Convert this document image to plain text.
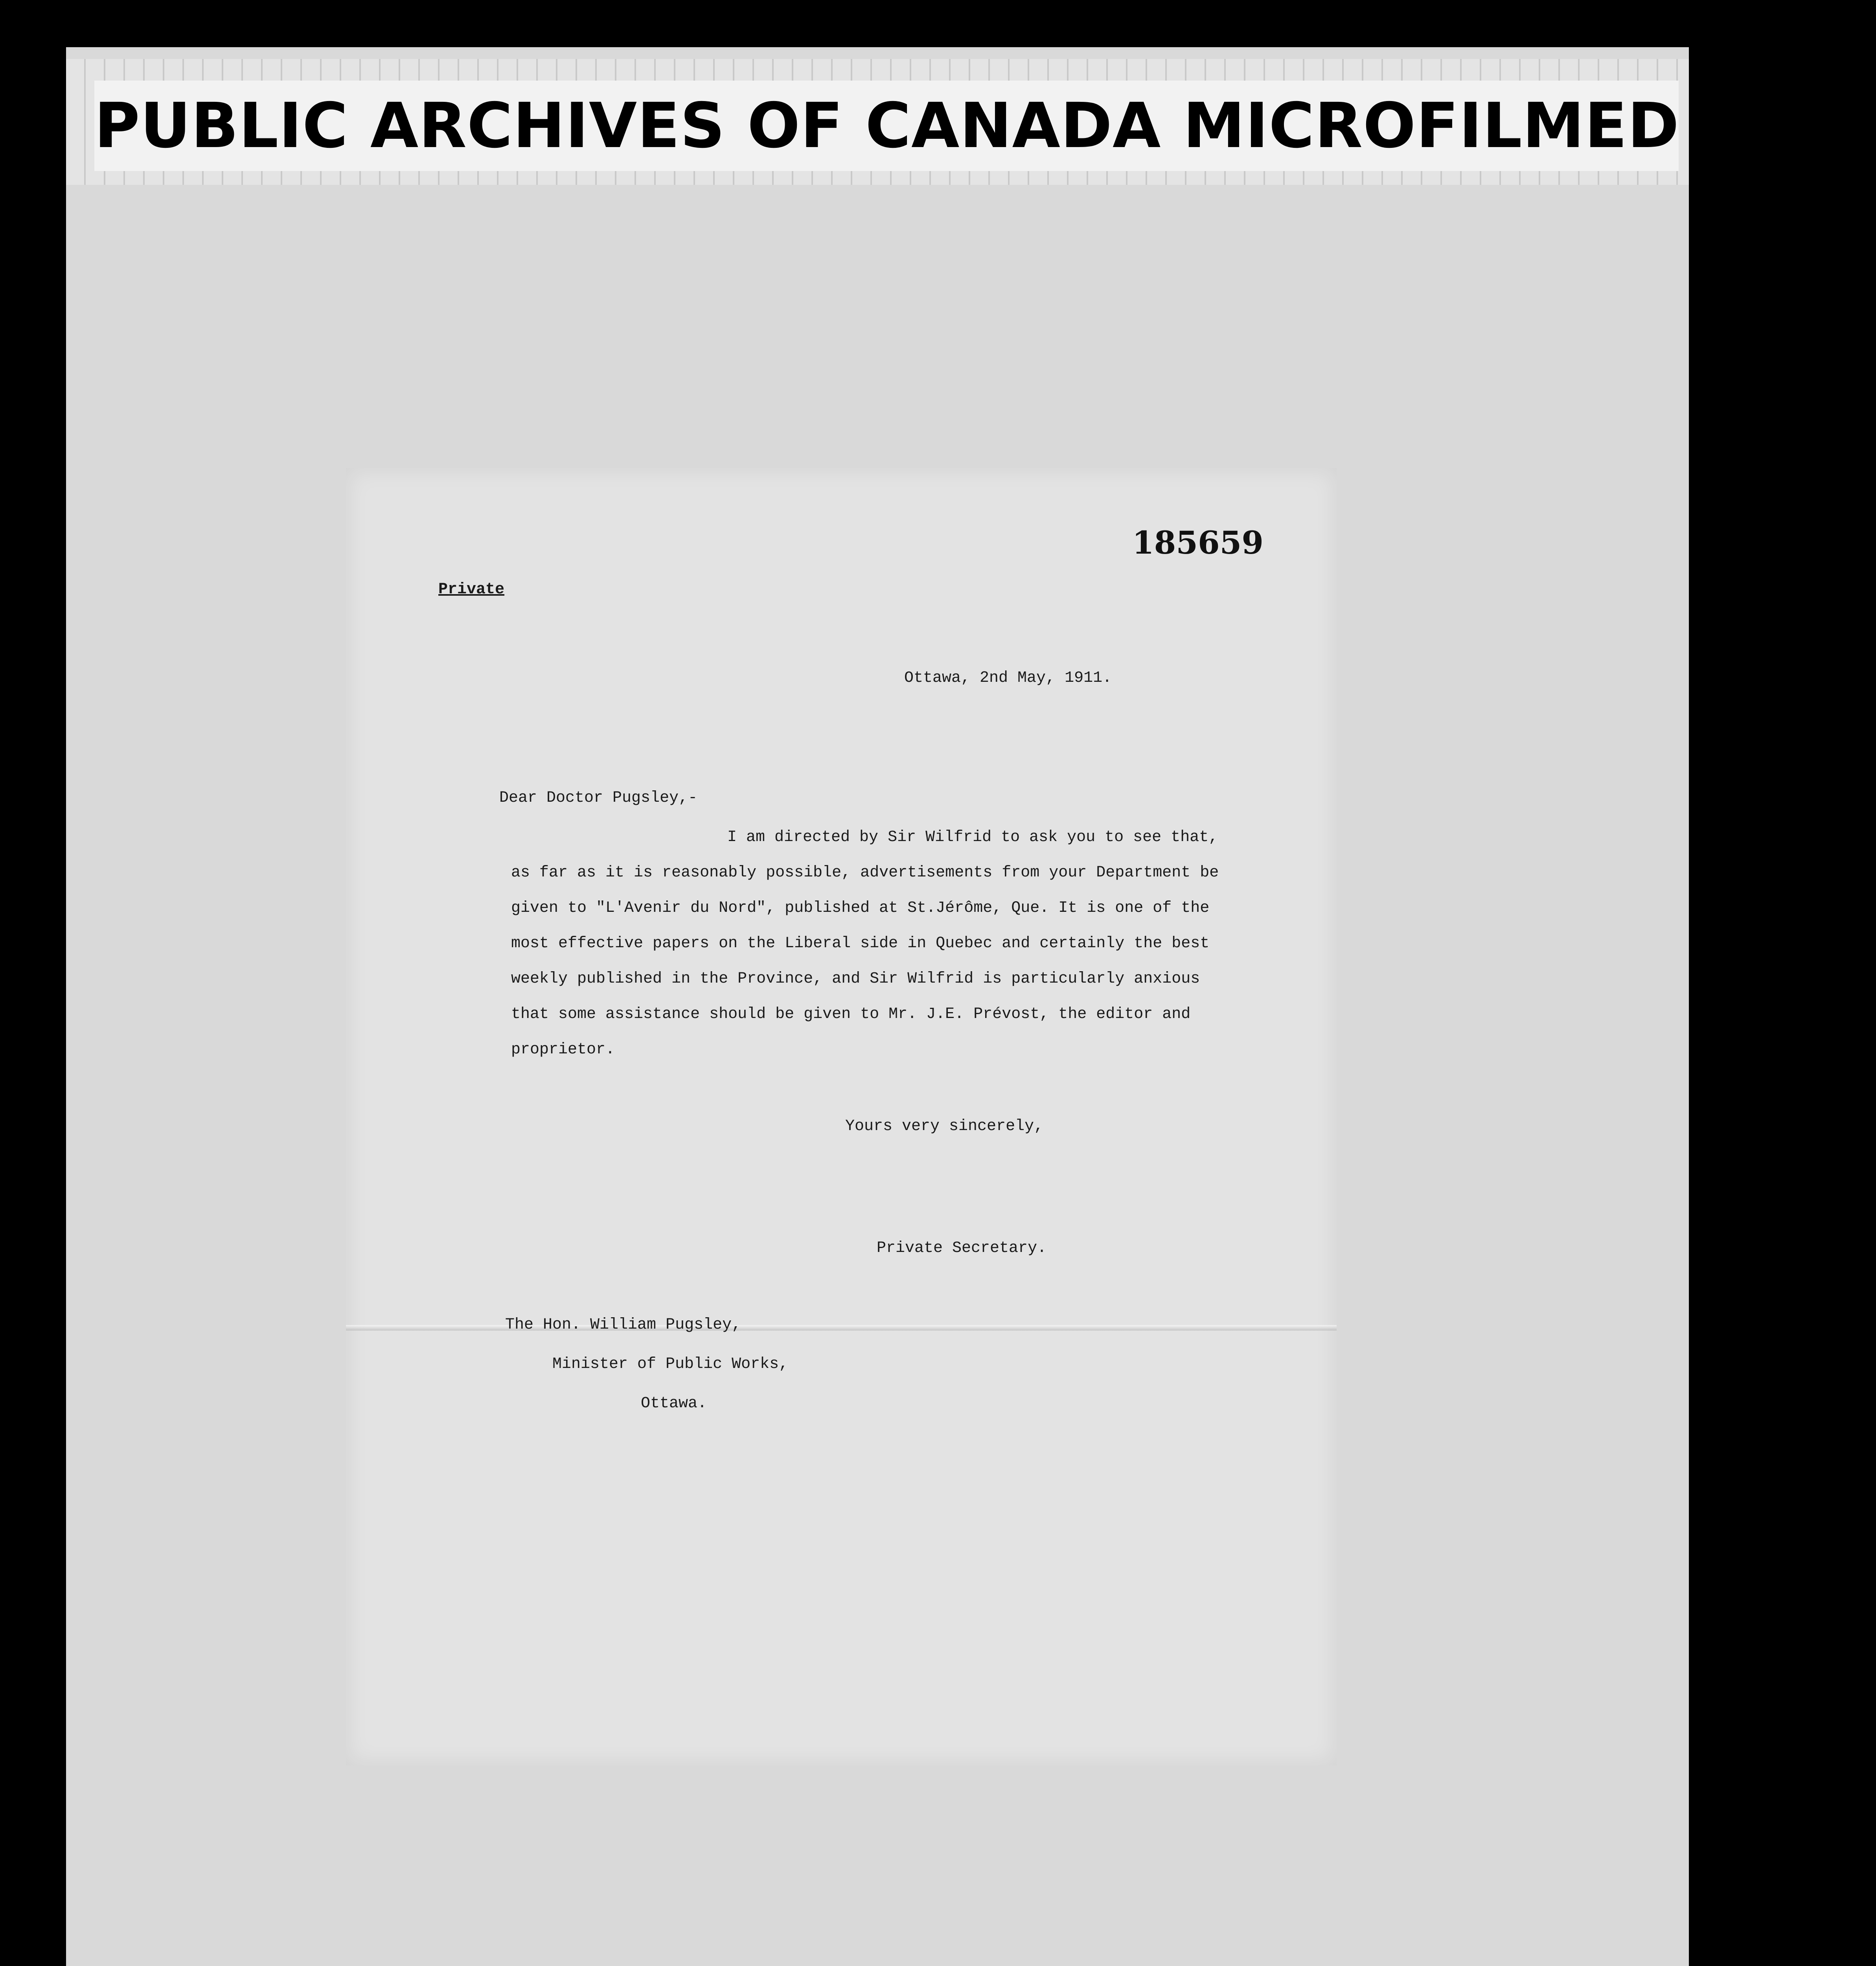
PUBLIC ARCHIVES OF CANADA MICROFILMED 1954
185659

Private

Ottawa, 2nd May, 1911.

Dear Doctor Pugsley,-

I am directed by Sir Wilfrid to ask you to see that,

as far as it is reasonably possible, advertisements from your Department be

given to "L'Avenir du Nord", published at St.Jérôme, Que. It is one of the

most effective papers on the Liberal side in Quebec and certainly the best

weekly published in the Province, and Sir Wilfrid is particularly anxious

that some assistance should be given to Mr. J.E. Prévost, the editor and

proprietor.

Yours very sincerely,

Private Secretary.

The Hon. William Pugsley,

Minister of Public Works,

Ottawa.
